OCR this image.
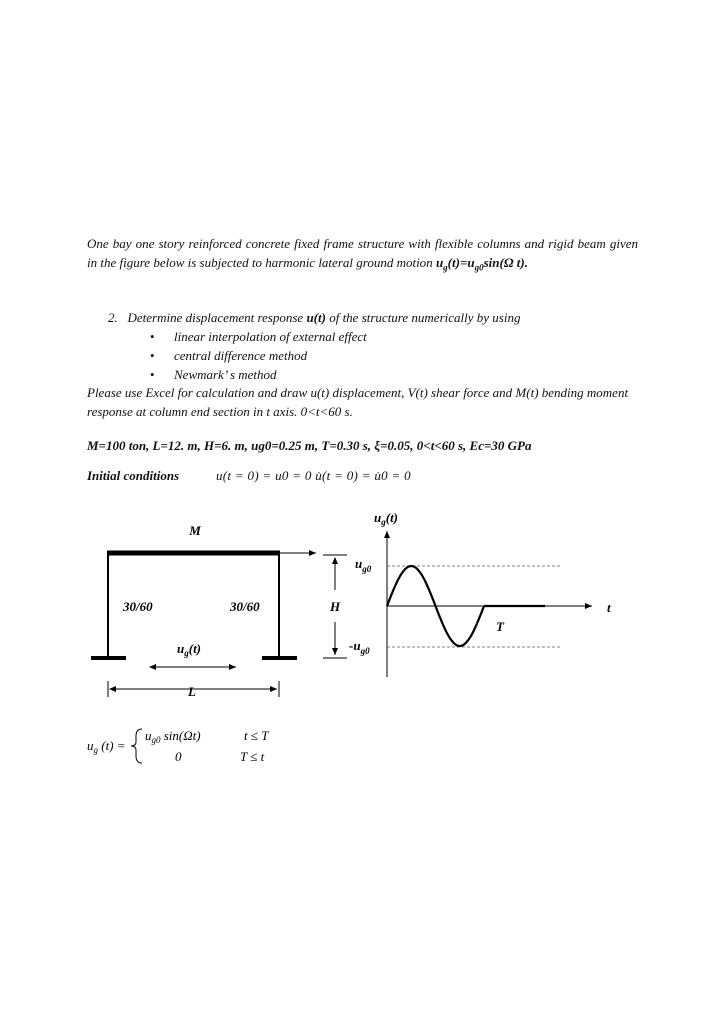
One bay one story reinforced concrete fixed frame structure with flexible columns and rigid beam given in the figure below is subjected to harmonic lateral ground motion $u_g(t)=u_{g0}\sin(\Omega$ t).
2. Determine displacement response u(t) of the structure numerically by using
• linear interpolation of external effect
• central difference method
• Newmark’ s method
Please use Excel for calculation and draw u(t) displacement, V(t) shear force and M(t) bending moment response at column end section in t axis. 0<t<60 s.
M=100 ton, L=12. m, H=6. m, ug0=0.25 m, T=0.30 s, ξ=0.05, 0<t<60 s, Ec=30 GPa
Initial conditions	u(t = 0) = u0 = 0 u̇(t = 0) = u̇0 = 0
M
30/60	30/60
$u_g(t)$
L
H
$u_g(t)$
$u_{g0}$
$-u_{g0}$
T
t
$u_g$ (t) =
$u_{g0}$ sin(Ωt)	t ≤ T
0	T ≤ t
